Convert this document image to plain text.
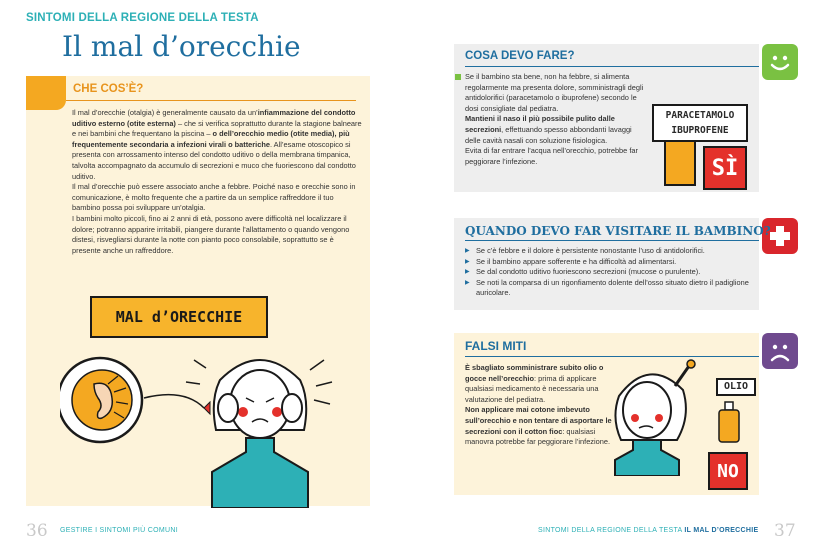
SINTOMI DELLA REGIONE DELLA TESTA
Il mal d’orecchie
CHE COS’È?

Il mal d’orecchie (otalgia) è generalmente causato da un’infiammazione del condotto uditivo esterno (otite esterna) – che si verifica soprattutto durante la stagione balneare e nei bambini che frequentano la piscina – o dell’orecchio medio (otite media), più frequentemente secondaria a infezioni virali o batteriche. All’esame otoscopico si presenta con arrossamento intenso del condotto uditivo o della membrana timpanica, talvolta accompagnato da accumulo di secrezioni e muco che fuoriescono dal condotto uditivo.

Il mal d’orecchie può essere associato anche a febbre. Poiché naso e orecchie sono in comunicazione, è molto frequente che a partire da un semplice raffreddore il tuo bambino possa poi sviluppare un’otalgia.

I bambini molto piccoli, fino ai 2 anni di età, possono avere difficoltà nel localizzare il dolore; potranno apparire irritabili, piangere durante l’allattamento o quando vengono distesi, risvegliarsi durante la notte con pianto poco consolabile, soprattutto se è presente anche un raffreddore.

MAL d’ORECCHIE
COSA DEVO FARE?

Se il bambino sta bene, non ha febbre, si alimenta regolarmente ma presenta dolore, somministragli degli antidolorifici (paracetamolo o ibuprofene) secondo le dosi consigliate dal pediatra.

Mantieni il naso il più possibile pulito dalle secrezioni, effettuando spesso abbondanti lavaggi delle cavità nasali con soluzione fisiologica.

Evita di far entrare l’acqua nell’orecchio, potrebbe far peggiorare l’infezione.

PARACETAMOLO
IBUPROFENE
SÌ
QUANDO DEVO FAR VISITARE IL BAMBINO?
▶ Se c’è febbre e il dolore è persistente nonostante l’uso di antidolorifici.
▶ Se il bambino appare sofferente e ha difficoltà ad alimentarsi.
▶ Se dal condotto uditivo fuoriescono secrezioni (mucose o purulente).
▶ Se noti la comparsa di un rigonfiamento dolente dell’osso situato dietro il padiglione auricolare.
FALSI MITI

È sbagliato somministrare subito olio o gocce nell’orecchio: prima di applicare qualsiasi medicamento è necessaria una valutazione del pediatra.

Non applicare mai cotone imbevuto sull’orecchio e non tentare di asportare le secrezioni con il cotton fioc: qualsiasi manovra potrebbe far peggiorare l’infezione.

OLIO
NO
36 GESTIRE I SINTOMI PIÙ COMUNI	SINTOMI DELLA REGIONE DELLA TESTA IL MAL D’ORECCHIE 37
